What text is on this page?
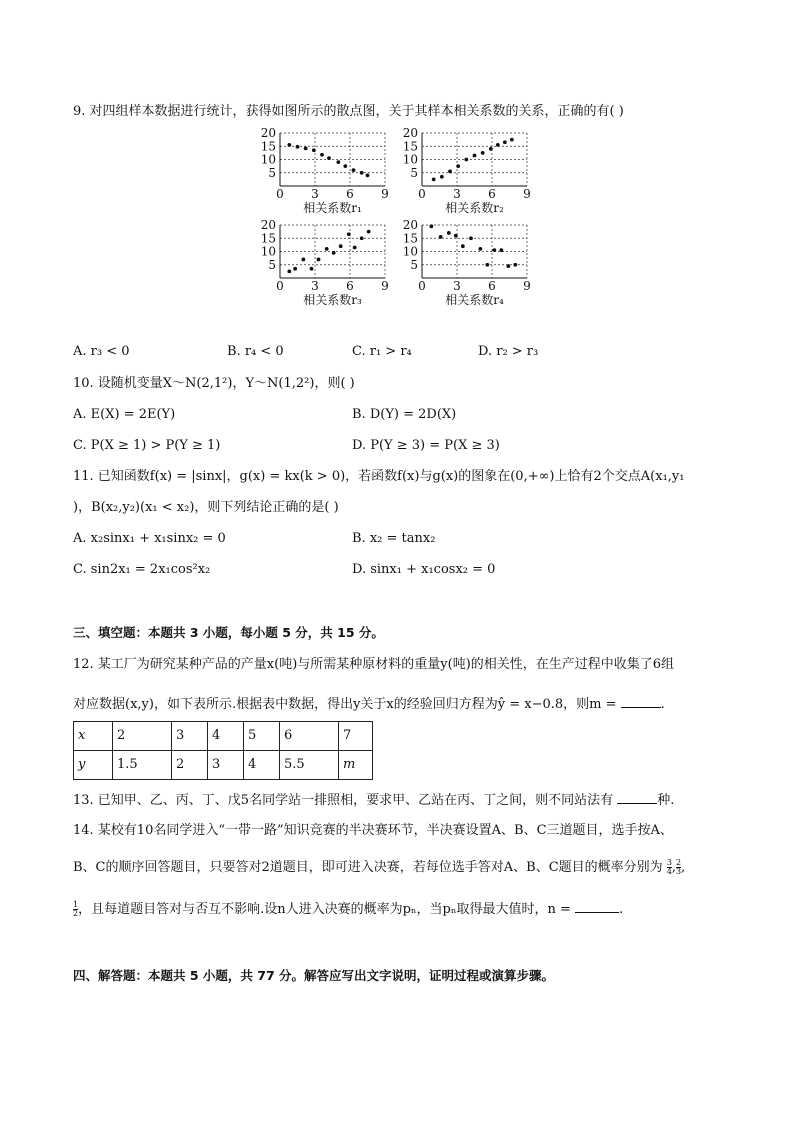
9. 对四组样本数据进行统计，获得如图所示的散点图，关于其样本相关系数的关系，正确的有( )
0 3 6 9
5
10
15
20
相关系数r₁
0 3 6 9
5
10
15
20
相关系数r₂
0 3 6 9
5
10
15
20
相关系数r₃
0 3 6 9
5
10
15
20
相关系数r₄
A. r₃ < 0	B. r₄ < 0	C. r₁ > r₄	D. r₂ > r₃
10. 设随机变量X～N(2,1²)，Y～N(1,2²)，则( )
A. E(X) = 2E(Y)	B. D(Y) = 2D(X)
C. P(X ≥ 1) > P(Y ≥ 1)	D. P(Y ≥ 3) = P(X ≥ 3)
11. 已知函数f(x) = |sinx|，g(x) = kx(k > 0)，若函数f(x)与g(x)的图象在(0,+∞)上恰有2个交点A(x₁,y₁
)，B(x₂,y₂)(x₁ < x₂)，则下列结论正确的是( )
A. x₂sinx₁ + x₁sinx₂ = 0	B. x₂ = tanx₂
C. sin2x₁ = 2x₁cos²x₂	D. sinx₁ + x₁cosx₂ = 0
三、填空题：本题共 3 小题，每小题 5 分，共 15 分。
12. 某工厂为研究某种产品的产量x(吨)与所需某种原材料的重量y(吨)的相关性，在生产过程中收集了6组
对应数据(x,y)，如下表所示.根据表中数据，得出y关于x的经验回归方程为ŷ = x−0.8，则m =	.
x	2	3	4	5	6	7
y	1.5	2	3	4	5.5	m
13. 已知甲、乙、丙、丁、戊5名同学站一排照相，要求甲、乙站在丙、丁之间，则不同站法有	种.
14. 某校有10名同学进入“一带一路”知识竞赛的半决赛环节，半决赛设置A、B、C三道题目，选手按A、
B、C的顺序回答题目，只要答对2道题目，即可进入决赛，若每位选手答对A、B、C题目的概率分别为 $\frac{3}{4}$ , $\frac{2}{3}$ ,
$\frac{1}{2}$ ，且每道题目答对与否互不影响.设n人进入决赛的概率为pₙ，当pₙ取得最大值时，n =	.
四、解答题：本题共 5 小题，共 77 分。解答应写出文字说明，证明过程或演算步骤。
